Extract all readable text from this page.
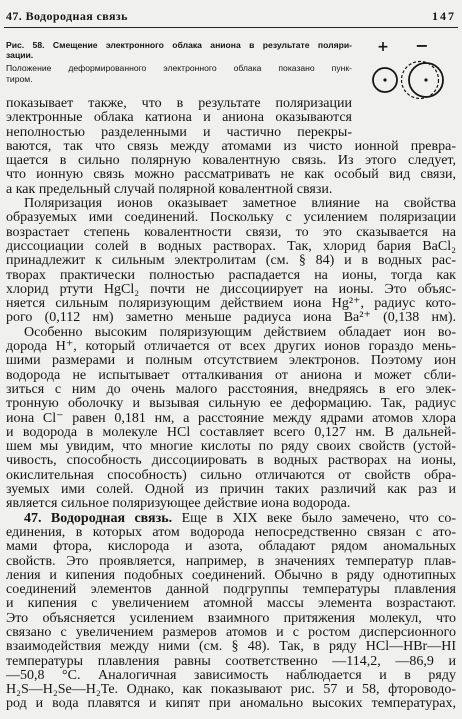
47. Водородная связь	147
Рис. 58. Смещение электронного облака аниона в результате поляри-
зации.
Положение деформированного электронного облака показано пунк-
тиром.
+ −
показывает также, что в результате поляризации
электронные облака катиона и аниона оказываются
неполностью разделенными и частично перекры-
ваются, так что связь между атомами из чисто ионной превра-
щается в сильно полярную ковалентную связь. Из этого следует,
что ионную связь можно рассматривать не как особый вид связи,
а как предельный случай полярной ковалентной связи.
Поляризация ионов оказывает заметное влияние на свойства
образуемых ими соединений. Поскольку с усилением поляризации
возрастает степень ковалентности связи, то это сказывается на
диссоциации солей в водных растворах. Так, хлорид бария BaCl₂
принадлежит к сильным электролитам (см. § 84) и в водных рас-
творах практически полностью распадается на ионы, тогда как
хлорид ртути HgCl₂ почти не диссоциирует на ионы. Это объяс-
няется сильным поляризующим действием иона Hg²⁺, радиус кото-
рого (0,112 нм) заметно меньше радиуса иона Ba²⁺ (0,138 нм).
Особенно высоким поляризующим действием обладает ион во-
дорода H⁺, который отличается от всех других ионов гораздо мень-
шими размерами и полным отсутствием электронов. Поэтому ион
водорода не испытывает отталкивания от аниона и может сбли-
зиться с ним до очень малого расстояния, внедряясь в его элек-
тронную оболочку и вызывая сильную ее деформацию. Так, радиус
иона Cl⁻ равен 0,181 нм, а расстояние между ядрами атомов хлора
и водорода в молекуле HCl составляет всего 0,127 нм. В дальней-
шем мы увидим, что многие кислоты по ряду своих свойств (устой-
чивость, способность диссоциировать в водных растворах на ионы,
окислительная способность) сильно отличаются от свойств обра-
зуемых ими солей. Одной из причин таких различий как раз и
является сильное поляризующее действие иона водорода.
47. Водородная связь. Еще в XIX веке было замечено, что со-
единения, в которых атом водорода непосредственно связан с ато-
мами фтора, кислорода и азота, обладают рядом аномальных
свойств. Это проявляется, например, в значениях температур плав-
ления и кипения подобных соединений. Обычно в ряду однотипных
соединений элементов данной подгруппы температуры плавления
и кипения с увеличением атомной массы элемента возрастают.
Это объясняется усилением взаимного притяжения молекул, что
связано с увеличением размеров атомов и с ростом дисперсионного
взаимодействия между ними (см. § 48). Так, в ряду HCl—HBr—HI
температуры плавления равны соответственно —114,2, —86,9 и
—50,8 °C. Аналогичная зависимость наблюдается и в ряду
H₂S—H₂Se—H₂Te. Однако, как показывают рис. 57 и 58, фтороводо-
род и вода плавятся и кипят при аномально высоких температурах,
